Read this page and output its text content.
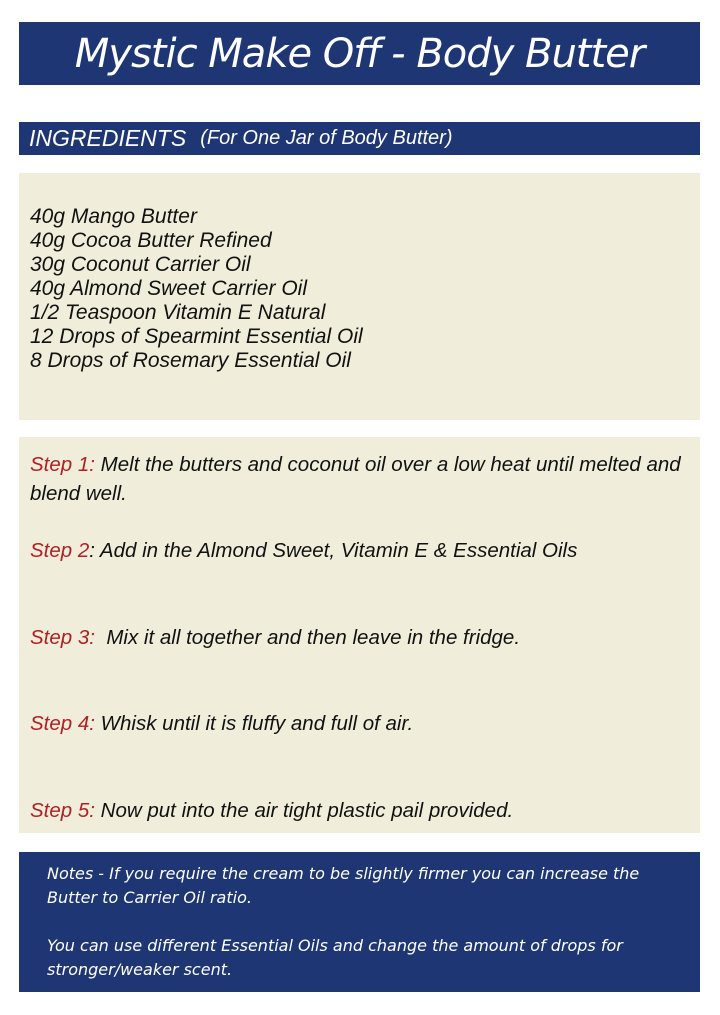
Mystic Make Off - Body Butter
INGREDIENTS (For One Jar of Body Butter)
40g Mango Butter
40g Cocoa Butter Refined
30g Coconut Carrier Oil
40g Almond Sweet Carrier Oil
1/2 Teaspoon Vitamin E Natural
12 Drops of Spearmint Essential Oil
8 Drops of Rosemary Essential Oil
Step 1: Melt the butters and coconut oil over a low heat until melted and blend well.
Step 2: Add in the Almond Sweet, Vitamin E & Essential Oils
Step 3:  Mix it all together and then leave in the fridge.
Step 4: Whisk until it is fluffy and full of air.
Step 5: Now put into the air tight plastic pail provided.

Notes - If you require the cream to be slightly firmer you can increase the Butter to Carrier Oil ratio.

You can use different Essential Oils and change the amount of drops for stronger/weaker scent.
